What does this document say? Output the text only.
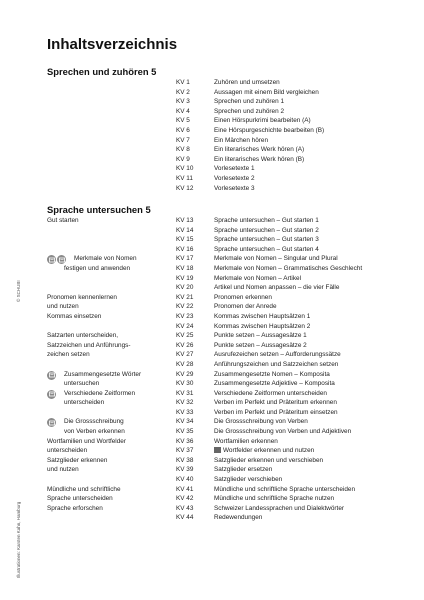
Inhaltsverzeichnis
Sprechen und zuhören 5
KV 1	Zuhören und umsetzen
KV 2	Aussagen mit einem Bild vergleichen
KV 3	Sprechen und zuhören 1
KV 4	Sprechen und zuhören 2
KV 5	Einen Hörspurkrimi bearbeiten (A)
KV 6	Eine Hörspurgeschichte bearbeiten (B)
KV 7	Ein Märchen hören
KV 8	Ein literarisches Werk hören (A)
KV 9	Ein literarisches Werk hören (B)
KV 10	Vorlesetexte 1
KV 11	Vorlesetexte 2
KV 12	Vorlesetexte 3
Sprache untersuchen 5
Gut starten	KV 13	Sprache untersuchen – Gut starten 1
KV 14	Sprache untersuchen – Gut starten 2
KV 15	Sprache untersuchen – Gut starten 3
KV 16	Sprache untersuchen – Gut starten 4
Merkmale von Nomen	KV 17	Merkmale von Nomen – Singular und Plural
festigen und anwenden	KV 18	Merkmale von Nomen – Grammatisches Geschlecht
KV 19	Merkmale von Nomen – Artikel
KV 20	Artikel und Nomen anpassen – die vier Fälle
Pronomen kennenlernen	KV 21	Pronomen erkennen
und nutzen	KV 22	Pronomen der Anrede
Kommas einsetzen	KV 23	Kommas zwischen Hauptsätzen 1
KV 24	Kommas zwischen Hauptsätzen 2
Satzarten unterscheiden,	KV 25	Punkte setzen – Aussagesätze 1
Satzzeichen und Anführungs-	KV 26	Punkte setzen – Aussagesätze 2
zeichen setzen	KV 27	Ausrufezeichen setzen – Aufforderungssätze
KV 28	Anführungszeichen und Satzzeichen setzen
Zusammengesetzte Wörter	KV 29	Zusammengesetzte Nomen – Komposita
untersuchen	KV 30	Zusammengesetzte Adjektive – Komposita
Verschiedene Zeitformen	KV 31	Verschiedene Zeitformen unterscheiden
unterscheiden	KV 32	Verben im Perfekt und Präteritum erkennen
KV 33	Verben im Perfekt und Präteritum einsetzen
Die Grossschreibung	KV 34	Die Grossschreibung von Verben
von Verben erkennen	KV 35	Die Grossschreibung von Verben und Adjektiven
Wortfamilien und Wortfelder	KV 36	Wortfamilien erkennen
unterscheiden	KV 37	Wortfelder erkennen und nutzen
Satzglieder erkennen	KV 38	Satzglieder erkennen und verschieben
und nutzen	KV 39	Satzglieder ersetzen
KV 40	Satzglieder verschieben
Mündliche und schriftliche	KV 41	Mündliche und schriftliche Sprache unterscheiden
Sprache unterscheiden	KV 42	Mündliche und schriftliche Sprache nutzen
Sprache erforschen	KV 43	Schweizer Landessprachen und Dialektwörter
KV 44	Redewendungen
© SCHUBI
Illustrationen: Karsten Kahn, Hamburg
